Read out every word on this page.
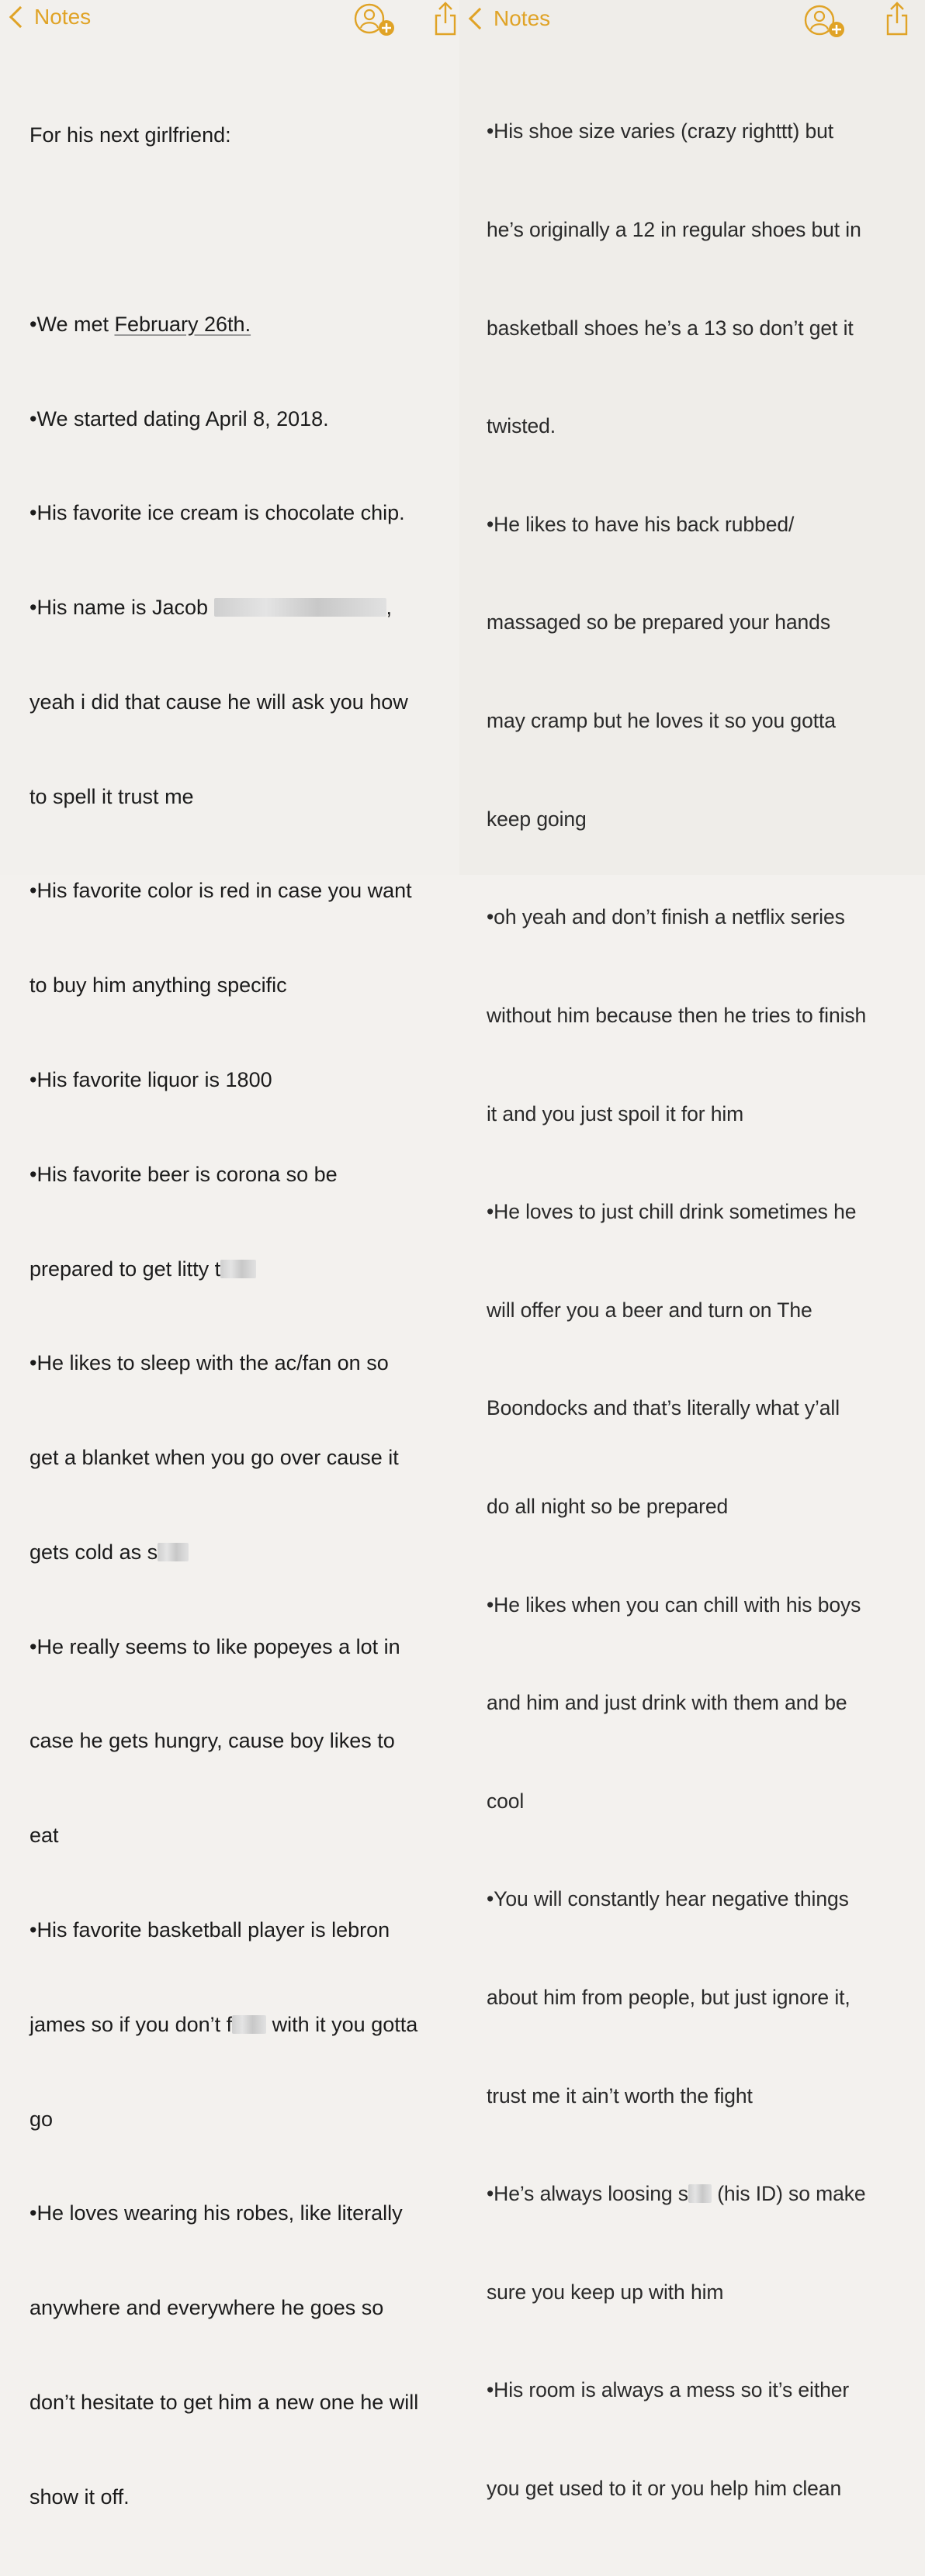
Notes

For his next girlfriend:

•We met February 26th.

•We started dating April 8, 2018.

•His favorite ice cream is chocolate chip.

•His name is Jacob	,

yeah i did that cause he will ask you how

to spell it trust me

•His favorite color is red in case you want

to buy him anything specific

•His favorite liquor is 1800

•His favorite beer is corona so be

prepared to get litty t

•He likes to sleep with the ac/fan on so

get a blanket when you go over cause it

gets cold as s

•He really seems to like popeyes a lot in

case he gets hungry, cause boy likes to

eat

•His favorite basketball player is lebron

james so if you don’t f with it you gotta

go

•He loves wearing his robes, like literally

anywhere and everywhere he goes so

don’t hesitate to get him a new one he will

show it off.

Notes

•His shoe size varies (crazy righttt) but

he’s originally a 12 in regular shoes but in

basketball shoes he’s a 13 so don’t get it

twisted.

•He likes to have his back rubbed/

massaged so be prepared your hands

may cramp but he loves it so you gotta

keep going

•oh yeah and don’t finish a netflix series

without him because then he tries to finish

it and you just spoil it for him

•He loves to just chill drink sometimes he

will offer you a beer and turn on The

Boondocks and that’s literally what y’all

do all night so be prepared

•He likes when you can chill with his boys

and him and just drink with them and be

cool

•You will constantly hear negative things

about him from people, but just ignore it,

trust me it ain’t worth the fight

•He’s always loosing s (his ID) so make

sure you keep up with him

•His room is always a mess so it’s either

you get used to it or you help him clean
